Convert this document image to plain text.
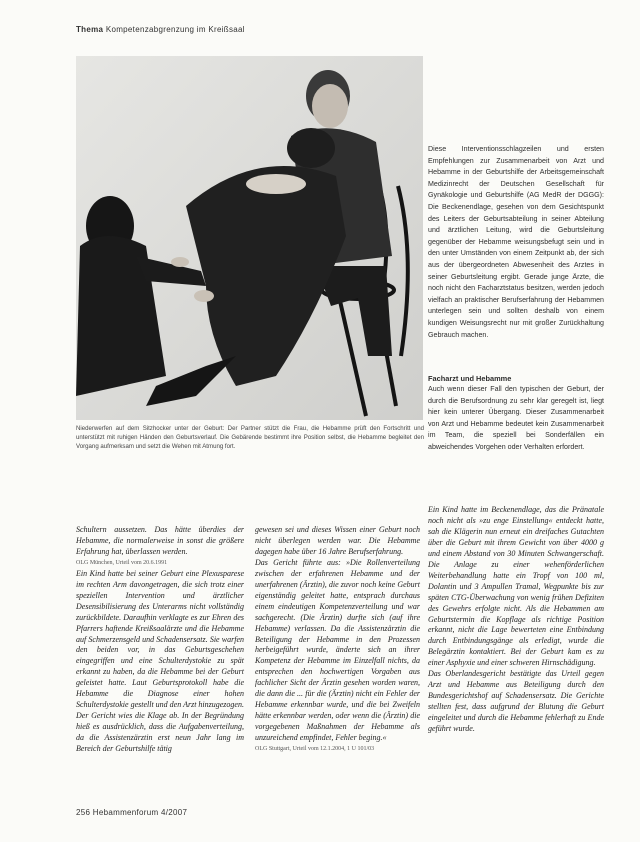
Thema Kompetenzabgrenzung im Kreißsaal
Niederwerfen auf dem Sitzhocker unter der Geburt: Der Partner stützt die Frau, die Hebamme prüft den Fortschritt und unterstützt mit ruhigen Händen den Geburtsverlauf. Die Gebärende bestimmt ihre Position selbst, die Hebamme begleitet den Vorgang aufmerksam und setzt die Wehen mit Atmung fort.

Diese Interventionsschlagzeilen und ersten Empfehlungen zur Zusammenarbeit von Arzt und Hebamme in der Geburtshilfe der Arbeitsgemeinschaft Medizinrecht der Deutschen Gesellschaft für Gynäkologie und Geburtshilfe (AG MedR der DGGG): Die Beckenendlage, gesehen von dem Gesichtspunkt des Leiters der Geburtsabteilung in seiner Abteilung und ärztlichen Leitung, wird die Geburtsleitung gegenüber der Hebamme weisungsbefugt sein und in den unter Umständen von einem Zeitpunkt ab, der sich aus der übergeordneten Abwesenheit des Arztes in seiner Geburtsleitung ergibt. Gerade junge Ärzte, die noch nicht den Facharztstatus besitzen, werden jedoch vielfach an praktischer Berufserfahrung der Hebammen unterlegen sein und sollten deshalb von einem kundigen Weisungsrecht nur mit großer Zurückhaltung Gebrauch machen.

Facharzt und Hebamme

Auch wenn dieser Fall den typischen der Geburt, der durch die Berufsordnung zu sehr klar geregelt ist, liegt hier kein unterer Übergang. Dieser Zusammenarbeit von Arzt und Hebamme bedeutet kein Zusammenarbeit im Team, die speziell bei Sonderfällen ein abweichendes Vorgehen oder Verhalten erfordert.

Schultern aussetzen. Das hätte überdies der Hebamme, die normalerweise in sonst die größere Erfahrung hat, überlassen werden.

OLG München, Urteil vom 20.6.1991

Ein Kind hatte bei seiner Geburt eine Plexusparese im rechten Arm davongetragen, die sich trotz einer speziellen Intervention und ärztlicher Desensibilisierung des Unterarms nicht vollständig zurückbildete. Daraufhin verklagte es zur Ehren des Pfarrers haftende Kreißsaalärzte und die Hebamme auf Schmerzensgeld und Schadensersatz. Sie warfen den beiden vor, in das Geburtsgeschehen eingegriffen und eine Schulterdystokie zu spät erkannt zu haben, da die Hebamme bei der Geburt geleistet hatte. Laut Geburtsprotokoll habe die Hebamme die Diagnose einer hohen Schulterdystokie gestellt und den Arzt hinzugezogen.

Der Gericht wies die Klage ab. In der Begründung hieß es ausdrücklich, dass die Aufgabenverteilung, da die Assistenzärztin erst neun Jahr lang im Bereich der Geburtshilfe tätig

gewesen sei und dieses Wissen einer Geburt noch nicht überlegen werden war. Die Hebamme dagegen habe über 16 Jahre Berufserfahrung.

Das Gericht führte aus: »Die Rollenverteilung zwischen der erfahrenen Hebamme und der unerfahrenen (Ärztin), die zuvor noch keine Geburt eigenständig geleitet hatte, entsprach durchaus einem eindeutigen Kompetenzverteilung und war sachgerecht. (Die Ärztin) durfte sich (auf ihre Hebamme) verlassen. Da die Assistenzärztin die Beteiligung der Hebamme in den Prozessen herbeigeführt wurde, änderte sich an ihrer Kompetenz der Hebamme im Einzelfall nichts, da entsprechen den hochwertigen Vorgaben aus fachlicher Sicht der Ärztin gesehen worden waren, die dann die ... für die (Ärztin) nicht ein Fehler der Hebamme erkennbar wurde, und die bei Zweifeln hätte erkennbar werden, oder wenn die (Ärztin) die vorgegebenen Maßnahmen der Hebamme als unzureichend empfindet, Fehler beging.«

OLG Stuttgart, Urteil vom 12.1.2004, 1 U 101/03

Ein Kind hatte im Beckenendlage, das die Pränatale noch nicht als »zu enge Einstellung« entdeckt hatte, sah die Klägerin nun erneut ein dreifaches Gutachten über die Geburt mit ihrem Gewicht von über 4000 g und einem Abstand von 30 Minuten Schwangerschaft. Die Anlage zu einer wehenförderlichen Weiterbehandlung hatte ein Tropf von 100 ml, Dolantin und 3 Ampullen Tramal, Wegpunkte bis zur späten CTG-Überwachung von wenig frühen Defiziten des Gewehrs erfolgte nicht. Als die Hebammen am Geburtstermin die Kopflage als richtige Position erkannt, nicht die Lage bewerteten eine Entbindung durch Entbindungsgänge als erledigt, wurde die Belegärztin kontaktiert. Bei der Geburt kam es zu einer Asphyxie und einer schweren Hirnschädigung.

Das Oberlandesgericht bestätigte das Urteil gegen Arzt und Hebamme aus Beteiligung durch den Bundesgerichtshof auf Schadensersatz. Die Gerichte stellten fest, dass aufgrund der Blutung die Geburt eingeleitet und durch die Hebamme fehlerhaft zu Ende geführt wurde.

256 Hebammenforum 4/2007
